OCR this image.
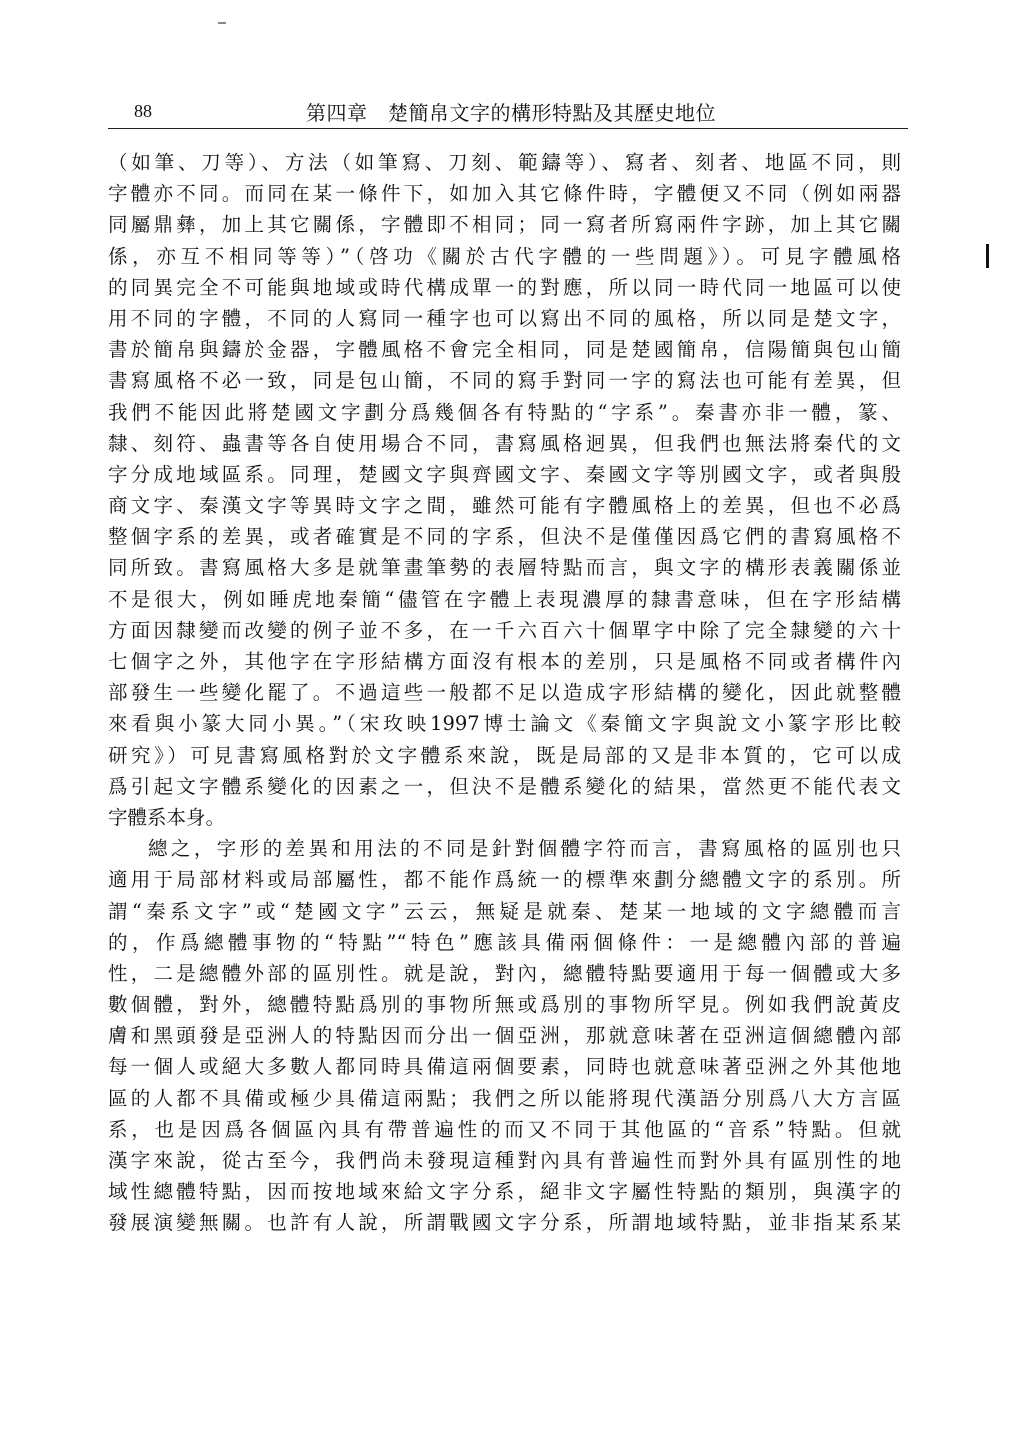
88	第四章　楚簡帛文字的構形特點及其歷史地位
（如筆、刀等）、方法（如筆寫、刀刻、範鑄等）、寫者、刻者、地區不同，則
字體亦不同。而同在某一條件下，如加入其它條件時，字體便又不同（例如兩器
同屬鼎彝，加上其它關係，字體即不相同；同一寫者所寫兩件字跡，加上其它關
係，亦互不相同等等）”（啓功《關於古代字體的一些問題》）。可見字體風格
的同異完全不可能與地域或時代構成單一的對應，所以同一時代同一地區可以使
用不同的字體，不同的人寫同一種字也可以寫出不同的風格，所以同是楚文字，
書於簡帛與鑄於金器，字體風格不會完全相同，同是楚國簡帛，信陽簡與包山簡
書寫風格不必一致，同是包山簡，不同的寫手對同一字的寫法也可能有差異，但
我們不能因此將楚國文字劃分爲幾個各有特點的“字系”。秦書亦非一體，篆、
隸、刻符、蟲書等各自使用場合不同，書寫風格迥異，但我們也無法將秦代的文
字分成地域區系。同理，楚國文字與齊國文字、秦國文字等別國文字，或者與殷
商文字、秦漢文字等異時文字之間，雖然可能有字體風格上的差異，但也不必爲
整個字系的差異，或者確實是不同的字系，但決不是僅僅因爲它們的書寫風格不
同所致。書寫風格大多是就筆畫筆勢的表層特點而言，與文字的構形表義關係並
不是很大，例如睡虎地秦簡“儘管在字體上表現濃厚的隸書意味，但在字形結構
方面因隸變而改變的例子並不多，在一千六百六十個單字中除了完全隸變的六十
七個字之外，其他字在字形結構方面沒有根本的差別，只是風格不同或者構件內
部發生一些變化罷了。不過這些一般都不足以造成字形結構的變化，因此就整體
來看與小篆大同小異。”（宋玫映1997博士論文《秦簡文字與說文小篆字形比較
研究》）可見書寫風格對於文字體系來說，既是局部的又是非本質的，它可以成
爲引起文字體系變化的因素之一，但決不是體系變化的結果，當然更不能代表文
字體系本身。
總之，字形的差異和用法的不同是針對個體字符而言，書寫風格的區別也只
適用于局部材料或局部屬性，都不能作爲統一的標準來劃分總體文字的系別。所
謂“秦系文字”或“楚國文字”云云，無疑是就秦、楚某一地域的文字總體而言
的，作爲總體事物的“特點”“特色”應該具備兩個條件：一是總體內部的普遍
性，二是總體外部的區別性。就是說，對內，總體特點要適用于每一個體或大多
數個體，對外，總體特點爲別的事物所無或爲別的事物所罕見。例如我們說黃皮
膚和黑頭發是亞洲人的特點因而分出一個亞洲，那就意味著在亞洲這個總體內部
每一個人或絕大多數人都同時具備這兩個要素，同時也就意味著亞洲之外其他地
區的人都不具備或極少具備這兩點；我們之所以能將現代漢語分別爲八大方言區
系，也是因爲各個區內具有帶普遍性的而又不同于其他區的“音系”特點。但就
漢字來說，從古至今，我們尚未發現這種對內具有普遍性而對外具有區別性的地
域性總體特點，因而按地域來給文字分系，絕非文字屬性特點的類別，與漢字的
發展演變無關。也許有人說，所謂戰國文字分系，所謂地域特點，並非指某系某
